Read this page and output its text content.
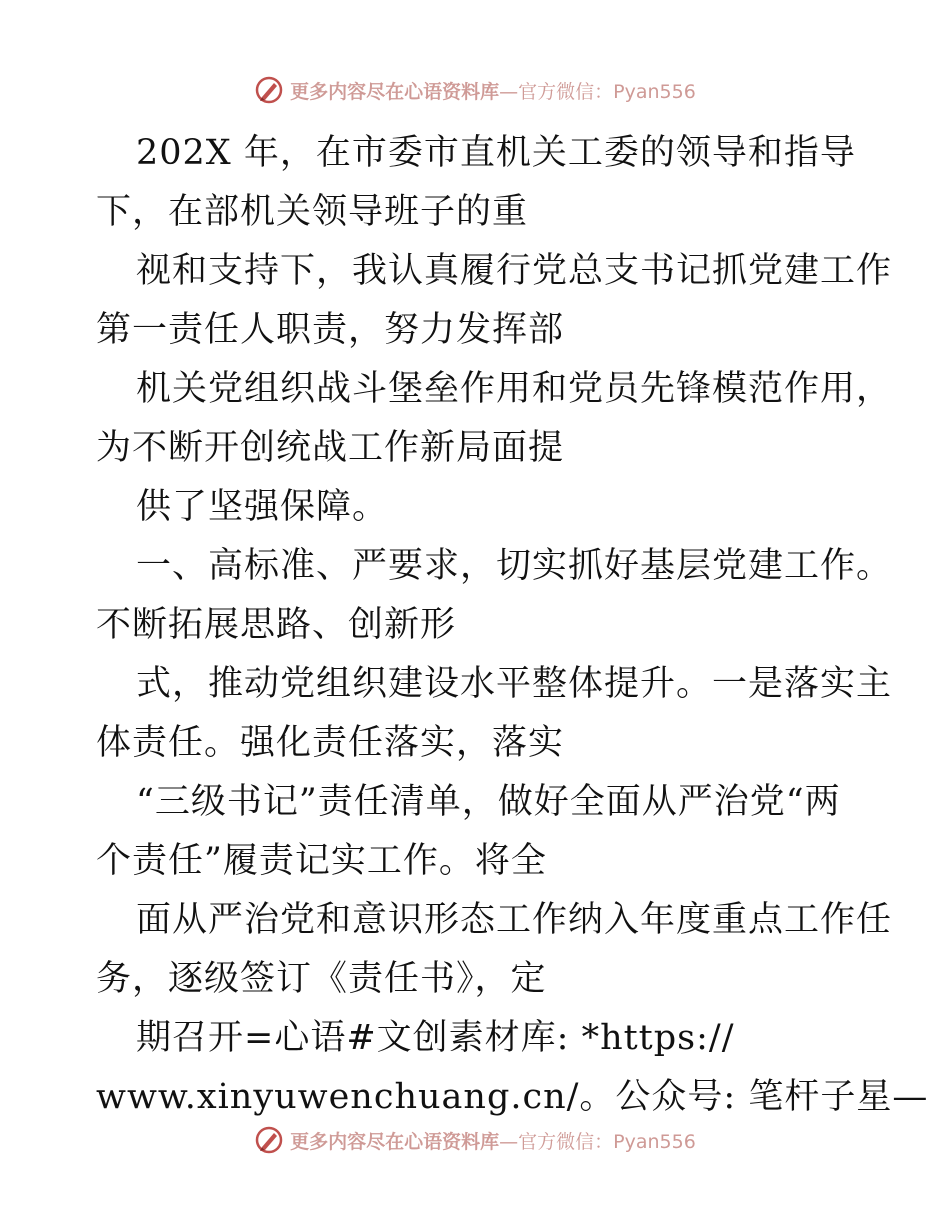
更多内容尽在心语资料库—官方微信：Pyan556
202X 年，在市委市直机关工委的领导和指导
下，在部机关领导班子的重
视和支持下，我认真履行党总支书记抓党建工作
第一责任人职责，努力发挥部
机关党组织战斗堡垒作用和党员先锋模范作用，
为不断开创统战工作新局面提
供了坚强保障。
一、高标准、严要求，切实抓好基层党建工作。
不断拓展思路、创新形
式，推动党组织建设水平整体提升。一是落实主
体责任。强化责任落实，落实
“三级书记”责任清单，做好全面从严治党“两
个责任”履责记实工作。将全
面从严治党和意识形态工作纳入年度重点工作任
务，逐级签订《责任书》，定
期召开=心语#文创素材库: *https://
www.xinyuwenchuang.cn/。公众号: 笔杆子星—
更多内容尽在心语资料库—官方微信：Pyan556
